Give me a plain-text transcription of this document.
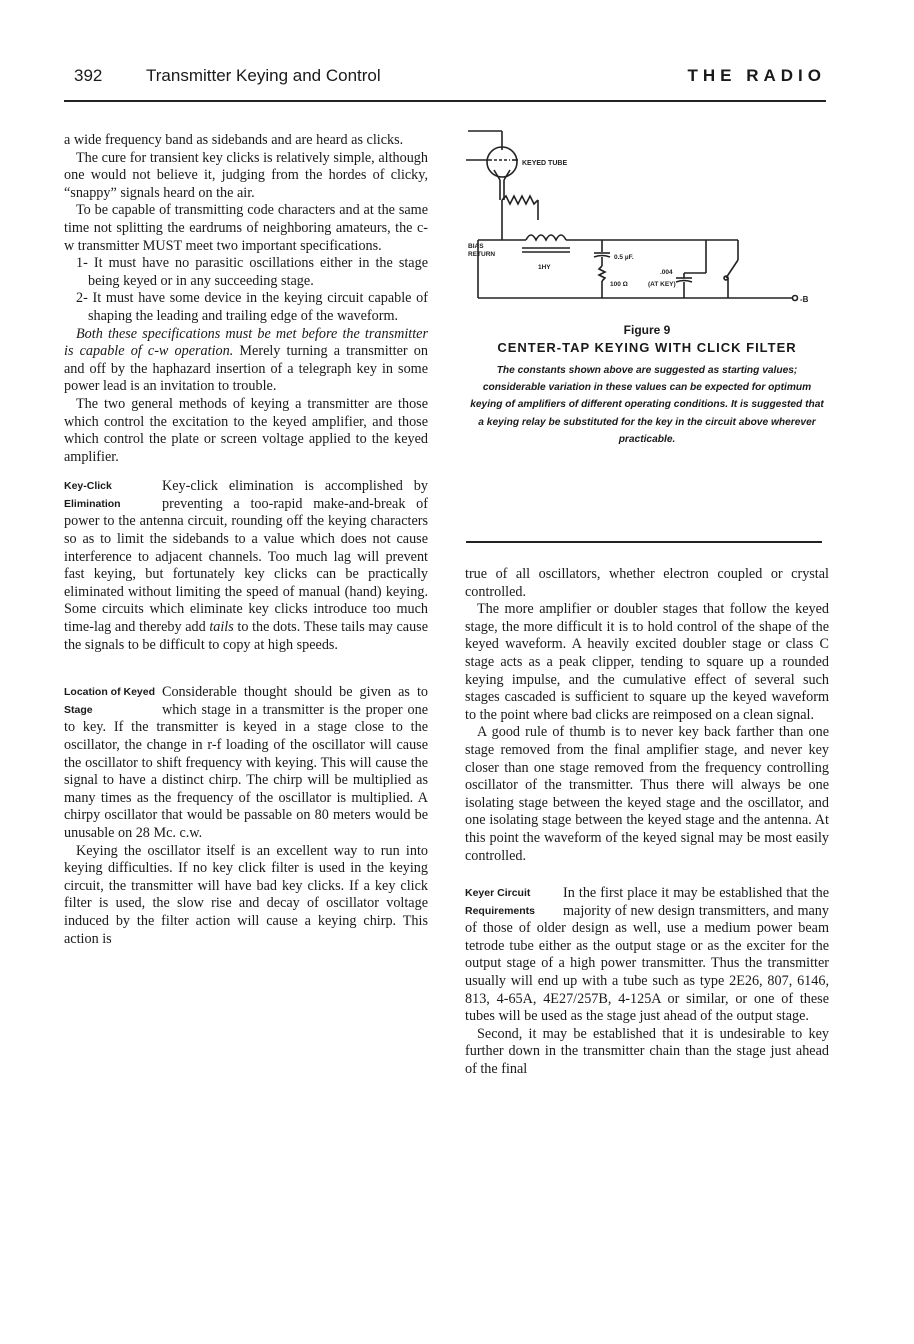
392	Transmitter Keying and Control	THE RADIO

a wide frequency band as sidebands and are heard as clicks.

The cure for transient key clicks is relatively simple, although one would not believe it, judging from the hordes of clicky, “snappy” signals heard on the air.

To be capable of transmitting code characters and at the same time not splitting the eardrums of neighboring amateurs, the c-w transmitter MUST meet two important specifications.

1- It must have no parasitic oscillations either in the stage being keyed or in any succeeding stage.

2- It must have some device in the keying circuit capable of shaping the leading and trailing edge of the waveform.

Both these specifications must be met before the transmitter is capable of c-w operation. Merely turning a transmitter on and off by the haphazard insertion of a telegraph key in some power lead is an invitation to trouble.

The two general methods of keying a transmitter are those which control the excitation to the keyed amplifier, and those which control the plate or screen voltage applied to the keyed amplifier.

Key-Click Elimination

Key-click elimination is accomplished by preventing a too-rapid make-and-break of power to the antenna circuit, rounding off the keying characters so as to limit the sidebands to a value which does not cause interference to adjacent channels. Too much lag will prevent fast keying, but fortunately key clicks can be practically eliminated without limiting the speed of manual (hand) keying. Some circuits which eliminate key clicks introduce too much time-lag and thereby add tails to the dots. These tails may cause the signals to be difficult to copy at high speeds.

Location of Keyed Stage

Considerable thought should be given as to which stage in a transmitter is the proper one to key. If the transmitter is keyed in a stage close to the oscillator, the change in r-f loading of the oscillator will cause the oscillator to shift frequency with keying. This will cause the signal to have a distinct chirp. The chirp will be multiplied as many times as the frequency of the oscillator is multiplied. A chirpy oscillator that would be passable on 80 meters would be unusable on 28 Mc. c.w.

Keying the oscillator itself is an excellent way to run into keying difficulties. If no key click filter is used in the keying circuit, the transmitter will have bad key clicks. If a key click filter is used, the slow rise and decay of oscillator voltage induced by the filter action will cause a keying chirp. This action is

KEYED TUBE
BIAS
RETURN
1HY
0.5 µF.
100 Ω
.004
(AT KEY)
-B

Figure 9

CENTER-TAP KEYING WITH CLICK FILTER

The constants shown above are suggested as starting values; considerable variation in these values can be expected for optimum keying of amplifiers of different operating conditions. It is suggested that a keying relay be substituted for the key in the circuit above wherever practicable.

true of all oscillators, whether electron coupled or crystal controlled.

The more amplifier or doubler stages that follow the keyed stage, the more difficult it is to hold control of the shape of the keyed waveform. A heavily excited doubler stage or class C stage acts as a peak clipper, tending to square up a rounded keying impulse, and the cumulative effect of several such stages cascaded is sufficient to square up the keyed waveform to the point where bad clicks are reimposed on a clean signal.

A good rule of thumb is to never key back farther than one stage removed from the final amplifier stage, and never key closer than one stage removed from the frequency controlling oscillator of the transmitter. Thus there will always be one isolating stage between the keyed stage and the oscillator, and one isolating stage between the keyed stage and the antenna. At this point the waveform of the keyed signal may be most easily controlled.

Keyer Circuit Requirements

In the first place it may be established that the majority of new design transmitters, and many of those of older design as well, use a medium power beam tetrode tube either as the output stage or as the exciter for the output stage of a high power transmitter. Thus the transmitter usually will end up with a tube such as type 2E26, 807, 6146, 813, 4-65A, 4E27/257B, 4-125A or similar, or one of these tubes will be used as the stage just ahead of the output stage.

Second, it may be established that it is undesirable to key further down in the transmitter chain than the stage just ahead of the final
